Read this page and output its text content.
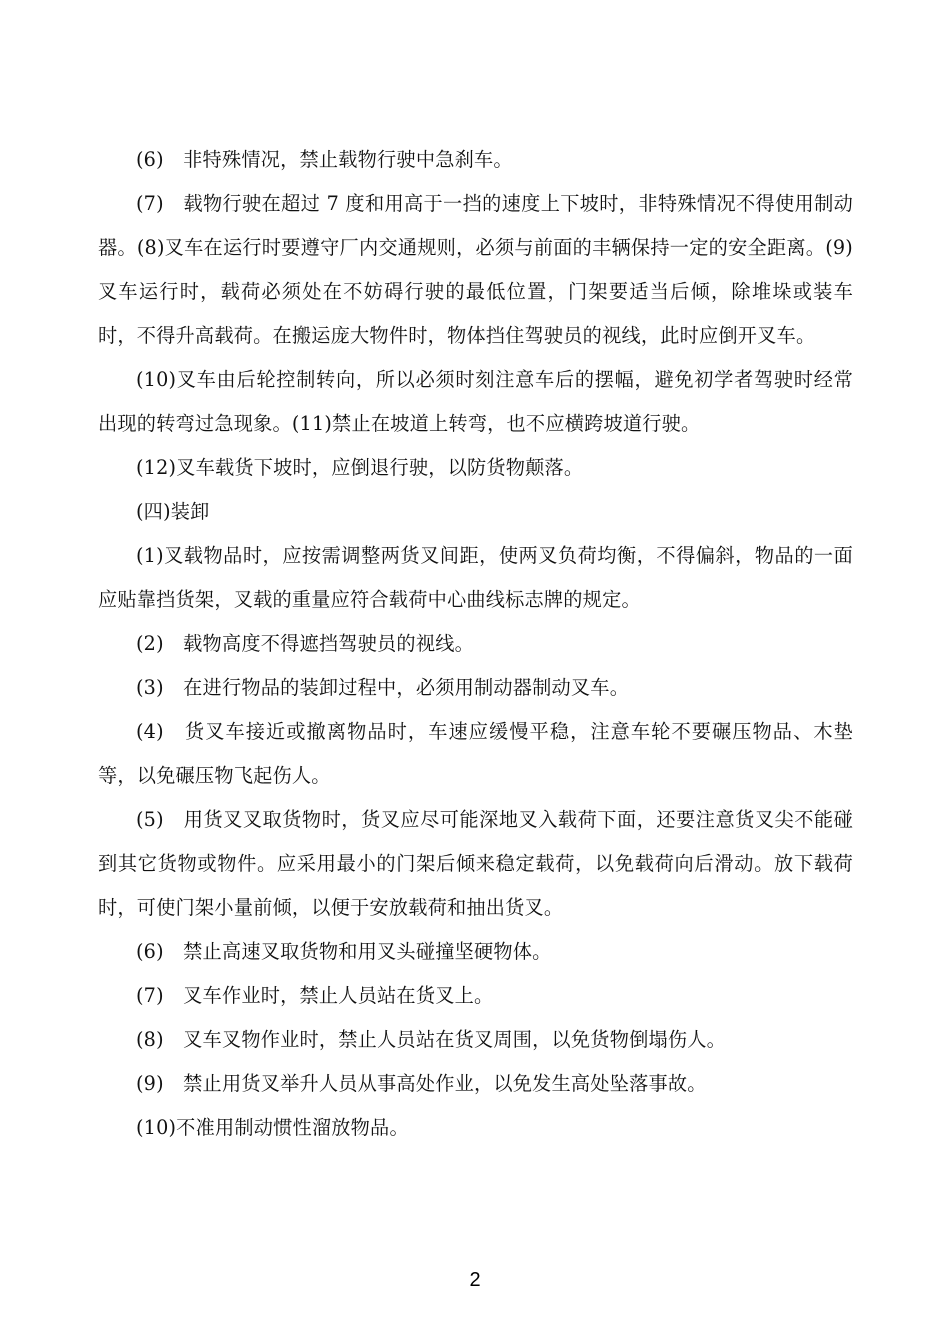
(6)　非特殊情况，禁止载物行驶中急刹车。

(7)　载物行驶在超过 7 度和用高于一挡的速度上下坡时，非特殊情况不得使用制动器。(8)叉车在运行时要遵守厂内交通规则，必须与前面的丰辆保持一定的安全距离。(9)叉车运行时，载荷必须处在不妨碍行驶的最低位置，门架要适当后倾，除堆垛或装车时，不得升高载荷。在搬运庞大物件时，物体挡住驾驶员的视线，此时应倒开叉车。

(10)叉车由后轮控制转向，所以必须时刻注意车后的摆幅，避免初学者驾驶时经常出现的转弯过急现象。(11)禁止在坡道上转弯，也不应横跨坡道行驶。

(12)叉车载货下坡时，应倒退行驶，以防货物颠落。

(四)装卸

(1)叉载物品时，应按需调整两货叉间距，使两叉负荷均衡，不得偏斜，物品的一面应贴靠挡货架，叉载的重量应符合载荷中心曲线标志牌的规定。

(2)　载物高度不得遮挡驾驶员的视线。

(3)　在进行物品的装卸过程中，必须用制动器制动叉车。

(4)　货叉车接近或撤离物品时，车速应缓慢平稳，注意车轮不要碾压物品、木垫等，以免碾压物飞起伤人。

(5)　用货叉叉取货物时，货叉应尽可能深地叉入载荷下面，还要注意货叉尖不能碰到其它货物或物件。应采用最小的门架后倾来稳定载荷，以免载荷向后滑动。放下载荷时，可使门架小量前倾，以便于安放载荷和抽出货叉。

(6)　禁止高速叉取货物和用叉头碰撞坚硬物体。

(7)　叉车作业时，禁止人员站在货叉上。

(8)　叉车叉物作业时，禁止人员站在货叉周围，以免货物倒塌伤人。

(9)　禁止用货叉举升人员从事高处作业，以免发生高处坠落事故。

(10)不准用制动惯性溜放物品。

2
